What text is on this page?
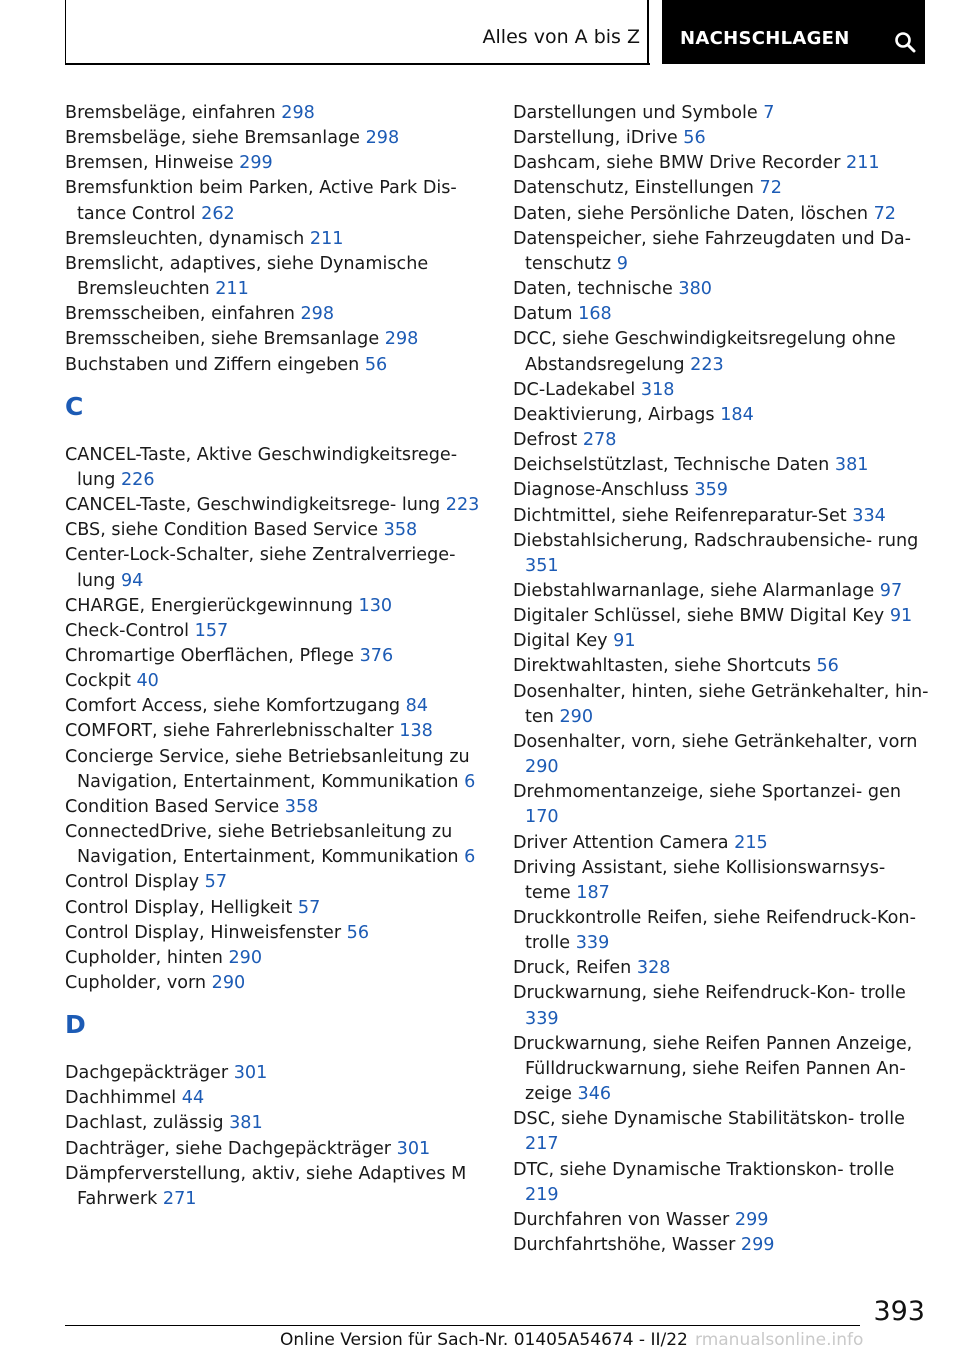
Alles von A bis Z NACHSCHLAGEN

Bremsbeläge, einfahren 298

Bremsbeläge, siehe Bremsanlage 298

Bremsen, Hinweise 299

Bremsfunktion beim Parken, Active Park Dis- tance Control 262

Bremsleuchten, dynamisch 211

Bremslicht, adaptives, siehe Dynamische Bremsleuchten 211

Bremsscheiben, einfahren 298

Bremsscheiben, siehe Bremsanlage 298

Buchstaben und Ziffern eingeben 56

C

CANCEL-Taste, Aktive Geschwindigkeitsrege- lung 226

CANCEL-Taste, Geschwindigkeitsrege- lung 223

CBS, siehe Condition Based Service 358

Center-Lock-Schalter, siehe Zentralverriege- lung 94

CHARGE, Energierückgewinnung 130

Check-Control 157

Chromartige Oberflächen, Pflege 376

Cockpit 40

Comfort Access, siehe Komfortzugang 84

COMFORT, siehe Fahrerlebnisschalter 138

Concierge Service, siehe Betriebsanleitung zu Navigation, Entertainment, Kommunikation 6

Condition Based Service 358

ConnectedDrive, siehe Betriebsanleitung zu Navigation, Entertainment, Kommunikation 6

Control Display 57

Control Display, Helligkeit 57

Control Display, Hinweisfenster 56

Cupholder, hinten 290

Cupholder, vorn 290

D

Dachgepäckträger 301

Dachhimmel 44

Dachlast, zulässig 381

Dachträger, siehe Dachgepäckträger 301

Dämpferverstellung, aktiv, siehe Adaptives M Fahrwerk 271

Darstellungen und Symbole 7

Darstellung, iDrive 56

Dashcam, siehe BMW Drive Recorder 211

Datenschutz, Einstellungen 72

Daten, siehe Persönliche Daten, löschen 72

Datenspeicher, siehe Fahrzeugdaten und Da- tenschutz 9

Daten, technische 380

Datum 168

DCC, siehe Geschwindigkeitsregelung ohne Abstandsregelung 223

DC-Ladekabel 318

Deaktivierung, Airbags 184

Defrost 278

Deichselstützlast, Technische Daten 381

Diagnose-Anschluss 359

Dichtmittel, siehe Reifenreparatur-Set 334

Diebstahlsicherung, Radschraubensiche- rung 351

Diebstahlwarnanlage, siehe Alarmanlage 97

Digitaler Schlüssel, siehe BMW Digital Key 91

Digital Key 91

Direktwahltasten, siehe Shortcuts 56

Dosenhalter, hinten, siehe Getränkehalter, hin- ten 290

Dosenhalter, vorn, siehe Getränkehalter, vorn 290

Drehmomentanzeige, siehe Sportanzei- gen 170

Driver Attention Camera 215

Driving Assistant, siehe Kollisionswarnsys- teme 187

Druckkontrolle Reifen, siehe Reifendruck-Kon- trolle 339

Druck, Reifen 328

Druckwarnung, siehe Reifendruck-Kon- trolle 339

Druckwarnung, siehe Reifen Pannen Anzeige, Fülldruckwarnung, siehe Reifen Pannen An- zeige 346

DSC, siehe Dynamische Stabilitätskon- trolle 217

DTC, siehe Dynamische Traktionskon- trolle 219

Durchfahren von Wasser 299

Durchfahrtshöhe, Wasser 299

393
Online Version für Sach-Nr. 01405A54674 - II/22 rmanualsonline.info
